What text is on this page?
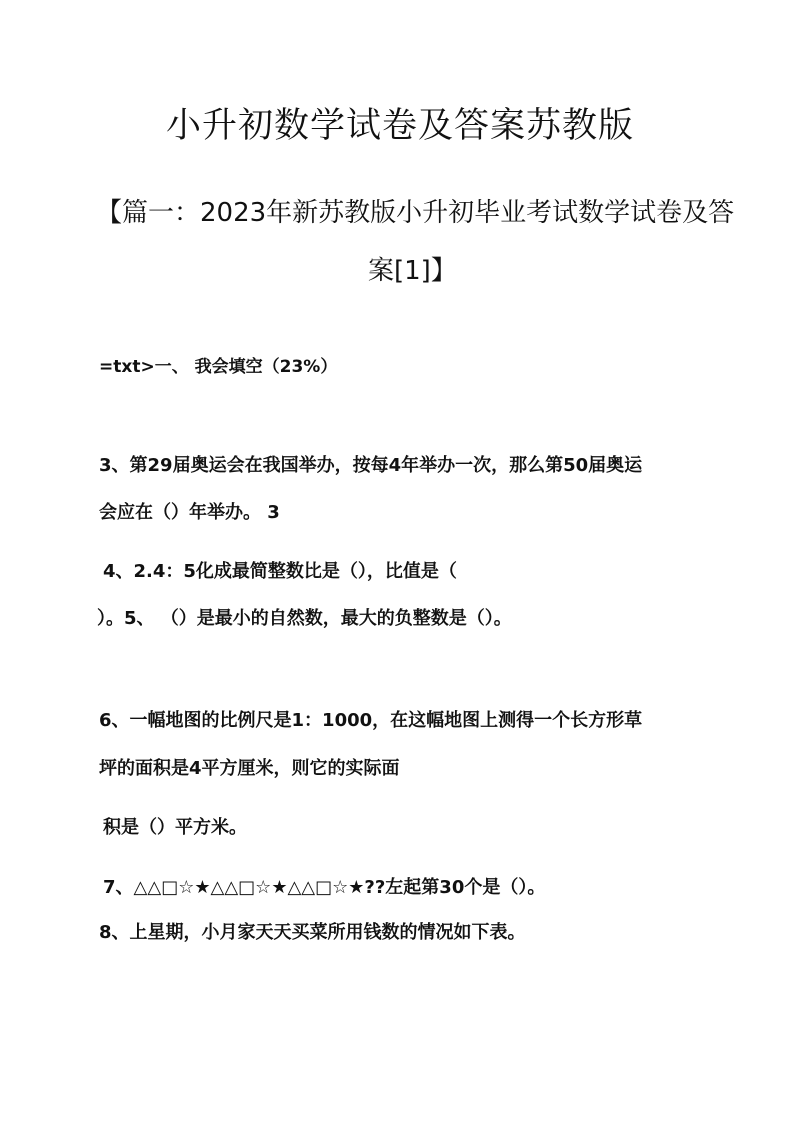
小升初数学试卷及答案苏教版
【篇一：2023年新苏教版小升初毕业考试数学试卷及答
案[1]】
=txt>一、 我会填空（23%）
3、第29届奥运会在我国举办，按每4年举办一次，那么第50届奥运
会应在（）年举办。 3
4、2.4：5化成最简整数比是（），比值是（
）。5、 （）是最小的自然数，最大的负整数是（）。
6、一幅地图的比例尺是1：1000，在这幅地图上测得一个长方形草
坪的面积是4平方厘米，则它的实际面
积是（）平方米。
7、△△□☆★△△□☆★△△□☆★??左起第30个是（）。
8、上星期，小月家天天买菜所用钱数的情况如下表。
